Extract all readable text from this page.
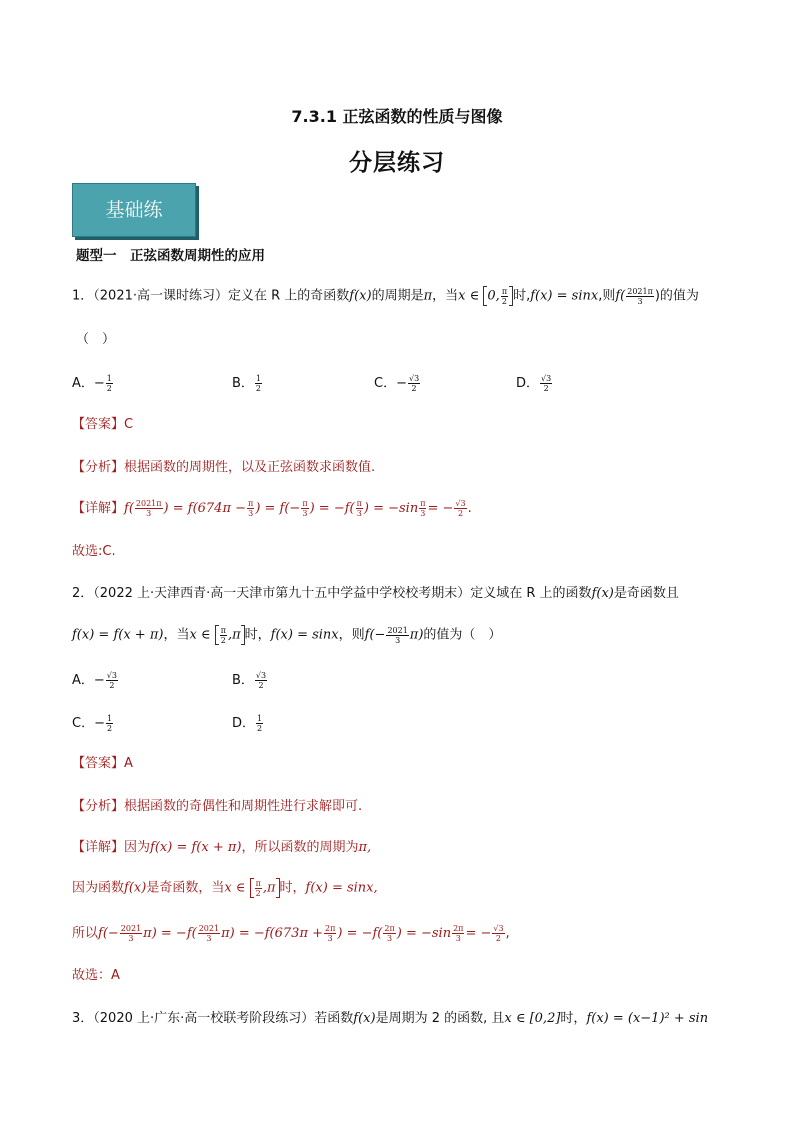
7.3.1 正弦函数的性质与图像
分层练习
基础练
题型一　正弦函数周期性的应用
1．（2021·高一课时练习）定义在 R 上的奇函数f(x)的周期是π，当x ∈ 0, $\frac{\pi}{2}$ 时,f(x) = sinx,则$f( \frac{2021\pi}{3}$ )的值为
（　）
A．− $\frac{1}{2}$	B． $\frac{1}{2}$	C．− $\frac{√3}{2}$	D． $\frac{√3}{2}$
【答案】C
【分析】根据函数的周期性，以及正弦函数求函数值.
【详解】$f( \frac{2021\pi}{3}$ ) = $f(674\pi - \frac{\pi}{3}$ ) = $f(- \frac{\pi}{3}$ ) = $-f( \frac{\pi}{3}$ ) = $-\sin \frac{\pi}{3}$ = − $\frac{√3}{2}$ .
故选:C.
2．（2022 上·天津西青·高一天津市第九十五中学益中学校校考期末）定义域在 R 上的函数f(x)是奇函数且
f(x) = f(x + π)，当x ∈ $\frac{\pi}{2} ,\pi$ 时，f(x) = sinx，则$f(- \frac{2021}{3} \pi)$的值为（　）
A．− $\frac{√3}{2}$	B． $\frac{√3}{2}$
C．− $\frac{1}{2}$	D． $\frac{1}{2}$
【答案】A
【分析】根据函数的奇偶性和周期性进行求解即可.
【详解】因为f(x) = f(x + π)，所以函数的周期为π,
因为函数f(x)是奇函数，当x ∈ $\frac{\pi}{2} ,\pi$ 时，f(x) = sinx,
所以$f(- \frac{2021}{3} \pi) = -f( \frac{2021}{3} \pi) = -f(673\pi + \frac{2\pi}{3}$ ) = $-f( \frac{2\pi}{3}$ ) = $-\sin \frac{2\pi}{3}$ = − $\frac{√3}{2}$ ,
故选：A
3．（2020 上·广东·高一校联考阶段练习）若函数f(x)是周期为 2 的函数, 且x ∈ [0,2]时，f(x) = (x−1)² + sin
